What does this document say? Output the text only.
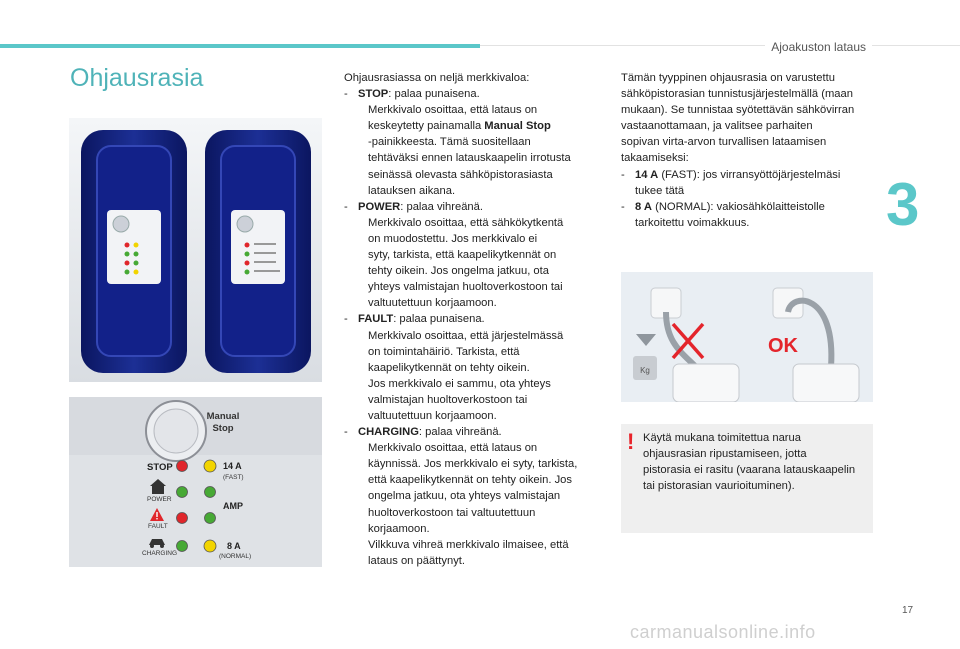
Ajoakuston lataus
Ohjausrasia
3

Ohjausrasiassa on neljä merkkivaloa:

- STOP: palaa punaisena.
Merkkivalo osoittaa, että lataus on
keskeytetty painamalla Manual Stop
-painikkeesta. Tämä suositellaan
tehtäväksi ennen latauskaapelin irrotusta
seinässä olevasta sähköpistorasiasta
latauksen aikana.
- POWER: palaa vihreänä.
Merkkivalo osoittaa, että sähkökytkentä
on muodostettu. Jos merkkivalo ei
syty, tarkista, että kaapelikytkennät on
tehty oikein. Jos ongelma jatkuu, ota
yhteys valmistajan huoltoverkostoon tai
valtuutettuun korjaamoon.
- FAULT: palaa punaisena.
Merkkivalo osoittaa, että järjestelmässä
on toimintahäiriö. Tarkista, että
kaapelikytkennät on tehty oikein.
Jos merkkivalo ei sammu, ota yhteys
valmistajan huoltoverkostoon tai
valtuutettuun korjaamoon.
- CHARGING: palaa vihreänä.
Merkkivalo osoittaa, että lataus on
käynnissä. Jos merkkivalo ei syty, tarkista,
että kaapelikytkennät on tehty oikein. Jos
ongelma jatkuu, ota yhteys valmistajan
huoltoverkostoon tai valtuutettuun
korjaamoon.
Vilkkuva vihreä merkkivalo ilmaisee, että
lataus on päättynyt.
Tämän tyyppinen ohjausrasia on varustettu
sähköpistorasian tunnistusjärjestelmällä (maan
mukaan). Se tunnistaa syötettävän sähkövirran
vastaanottamaan, ja valitsee parhaiten
sopivan virta-arvon turvallisen lataamisen
takaamiseksi:
- 14 A (FAST): jos virransyöttöjärjestelmäsi
tukee tätä
- 8 A (NORMAL): vakiosähkölaitteistolle
tarkoitettu voimakkuus.
Manual
Stop
STOP	14 A
(FAST)
POWER
AMP
FAULT
CHARGING
8 A
(NORMAL)
Kg
OK
! Käytä mukana toimitettua narua
ohjausrasian ripustamiseen, jotta
pistorasia ei rasitu (vaarana latauskaapelin
tai pistorasian vaurioituminen).
17
carmanualsonline.info
